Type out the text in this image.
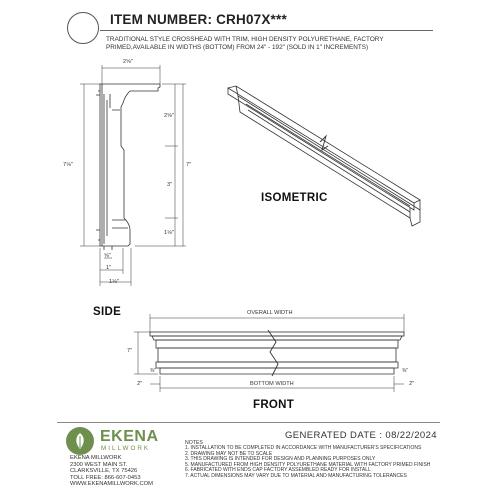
ITEM NUMBER: CRH07X***
TRADITIONAL STYLE CROSSHEAD WITH TRIM, HIGH DENSITY POLYURETHANE, FACTORY PRIMED,AVAILABLE IN WIDTHS (BOTTOM) FROM 24" - 192" (SOLD IN 1" INCREMENTS)
2⅝"
2⅝"
7⅛"	7"
3"
1⅛"
⅝"
1"
1⅛"
SIDE
ISOMETRIC
FRONT
OVERALL WIDTH
BOTTOM WIDTH
7"
2"	2"
⅜"	⅜"
EKENA
MILLWORK
EKENA MILLWORK
2300 WEST MAIN ST.
CLARKSVILLE, TX 75426
TOLL FREE: 866-607-0453
WWW.EKENAMILLWORK.COM
GENERATED DATE : 08/22/2024
NOTES
1. INSTALLATION TO BE COMPLETED IN ACCORDANCE WITH MANUFACTURER'S SPECIFICATIONS
2. DRAWING MAY NOT BE TO SCALE
3. THIS DRAWING IS INTENDED FOR DESIGN AND PLANNING PURPOSES ONLY
5. MANUFACTURED FROM HIGH DENSITY POLYURETHANE MATERIAL WITH FACTORY PRIMED FINISH
6. FABRICATED WITH ENDS CAP FACTORY ASSEMBLED READY FOR INSTALL
7. ACTUAL DIMENSIONS MAY VARY DUE TO MATERIAL AND MANUFACTURING TOLERANCES
